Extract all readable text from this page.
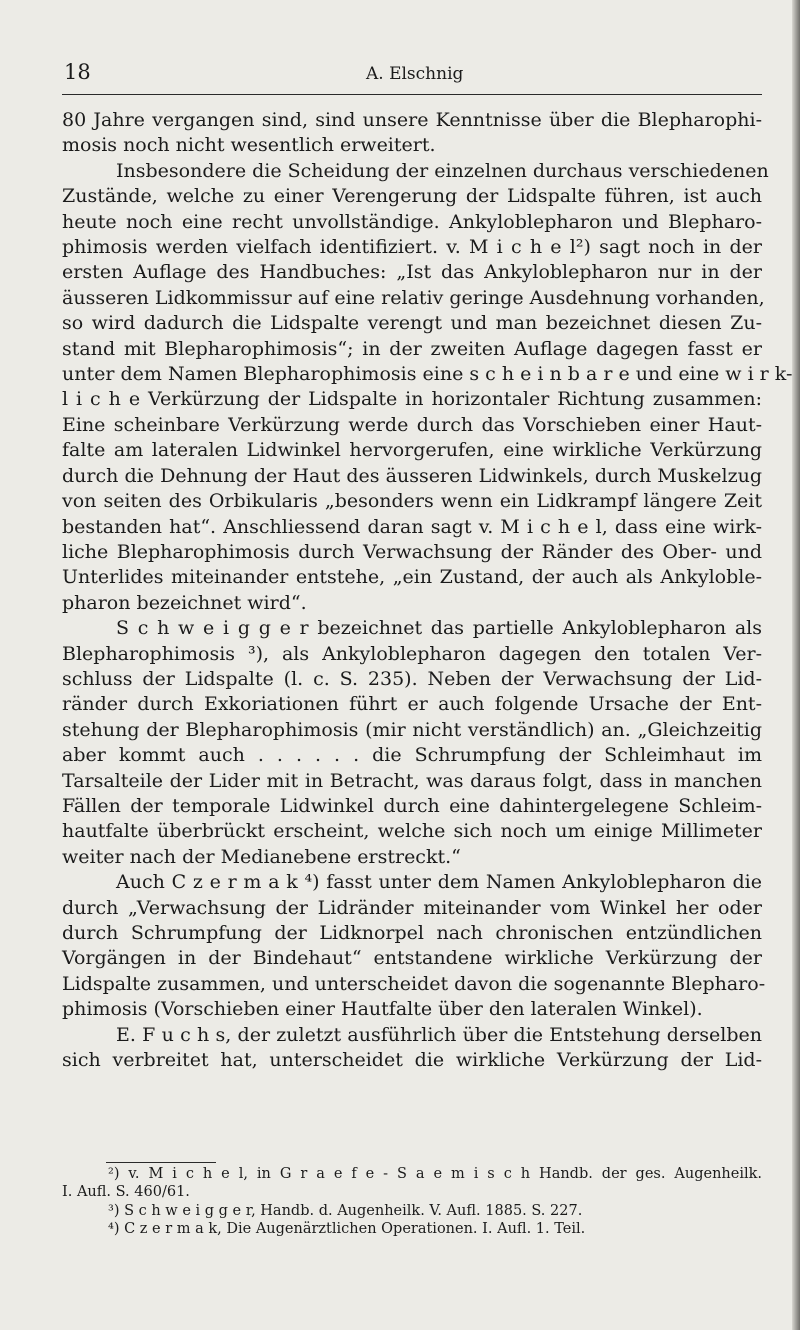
18	A. Elschnig
80 Jahre vergangen sind, sind unsere Kenntnisse über die Blepharophi-
mosis noch nicht wesentlich erweitert.
Insbesondere die Scheidung der einzelnen durchaus verschiedenen
Zustände, welche zu einer Verengerung der Lidspalte führen, ist auch
heute noch eine recht unvollständige. Ankyloblepharon und Blepharo-
phimosis werden vielfach identifiziert. v. M i c h e l²) sagt noch in der
ersten Auflage des Handbuches: „Ist das Ankyloblepharon nur in der
äusseren Lidkommissur auf eine relativ geringe Ausdehnung vorhanden,
so wird dadurch die Lidspalte verengt und man bezeichnet diesen Zu-
stand mit Blepharophimosis“; in der zweiten Auflage dagegen fasst er
unter dem Namen Blepharophimosis eine s c h e i n b a r e und eine w i r k-
l i c h e Verkürzung der Lidspalte in horizontaler Richtung zusammen:
Eine scheinbare Verkürzung werde durch das Vorschieben einer Haut-
falte am lateralen Lidwinkel hervorgerufen, eine wirkliche Verkürzung
durch die Dehnung der Haut des äusseren Lidwinkels, durch Muskelzug
von seiten des Orbikularis „besonders wenn ein Lidkrampf längere Zeit
bestanden hat“. Anschliessend daran sagt v. M i c h e l, dass eine wirk-
liche Blepharophimosis durch Verwachsung der Ränder des Ober- und
Unterlides miteinander entstehe, „ein Zustand, der auch als Ankyloble-
pharon bezeichnet wird“.
S c h w e i g g e r bezeichnet das partielle Ankyloblepharon als
Blepharophimosis ³), als Ankyloblepharon dagegen den totalen Ver-
schluss der Lidspalte (l. c. S. 235). Neben der Verwachsung der Lid-
ränder durch Exkoriationen führt er auch folgende Ursache der Ent-
stehung der Blepharophimosis (mir nicht verständlich) an. „Gleichzeitig
aber kommt auch . . . . . . die Schrumpfung der Schleimhaut im
Tarsalteile der Lider mit in Betracht, was daraus folgt, dass in manchen
Fällen der temporale Lidwinkel durch eine dahintergelegene Schleim-
hautfalte überbrückt erscheint, welche sich noch um einige Millimeter
weiter nach der Medianebene erstreckt.“
Auch C z e r m a k ⁴) fasst unter dem Namen Ankyloblepharon die
durch „Verwachsung der Lidränder miteinander vom Winkel her oder
durch Schrumpfung der Lidknorpel nach chronischen entzündlichen
Vorgängen in der Bindehaut“ entstandene wirkliche Verkürzung der
Lidspalte zusammen, und unterscheidet davon die sogenannte Blepharo-
phimosis (Vorschieben einer Hautfalte über den lateralen Winkel).
E. F u c h s, der zuletzt ausführlich über die Entstehung derselben
sich verbreitet hat, unterscheidet die wirkliche Verkürzung der Lid-
²) v. M i c h e l, in G r a e f e - S a e m i s c h Handb. der ges. Augenheilk.
I. Aufl. S. 460/61.
³) S c h w e i g g e r, Handb. d. Augenheilk. V. Aufl. 1885. S. 227.
⁴) C z e r m a k, Die Augenärztlichen Operationen. I. Aufl. 1. Teil.
